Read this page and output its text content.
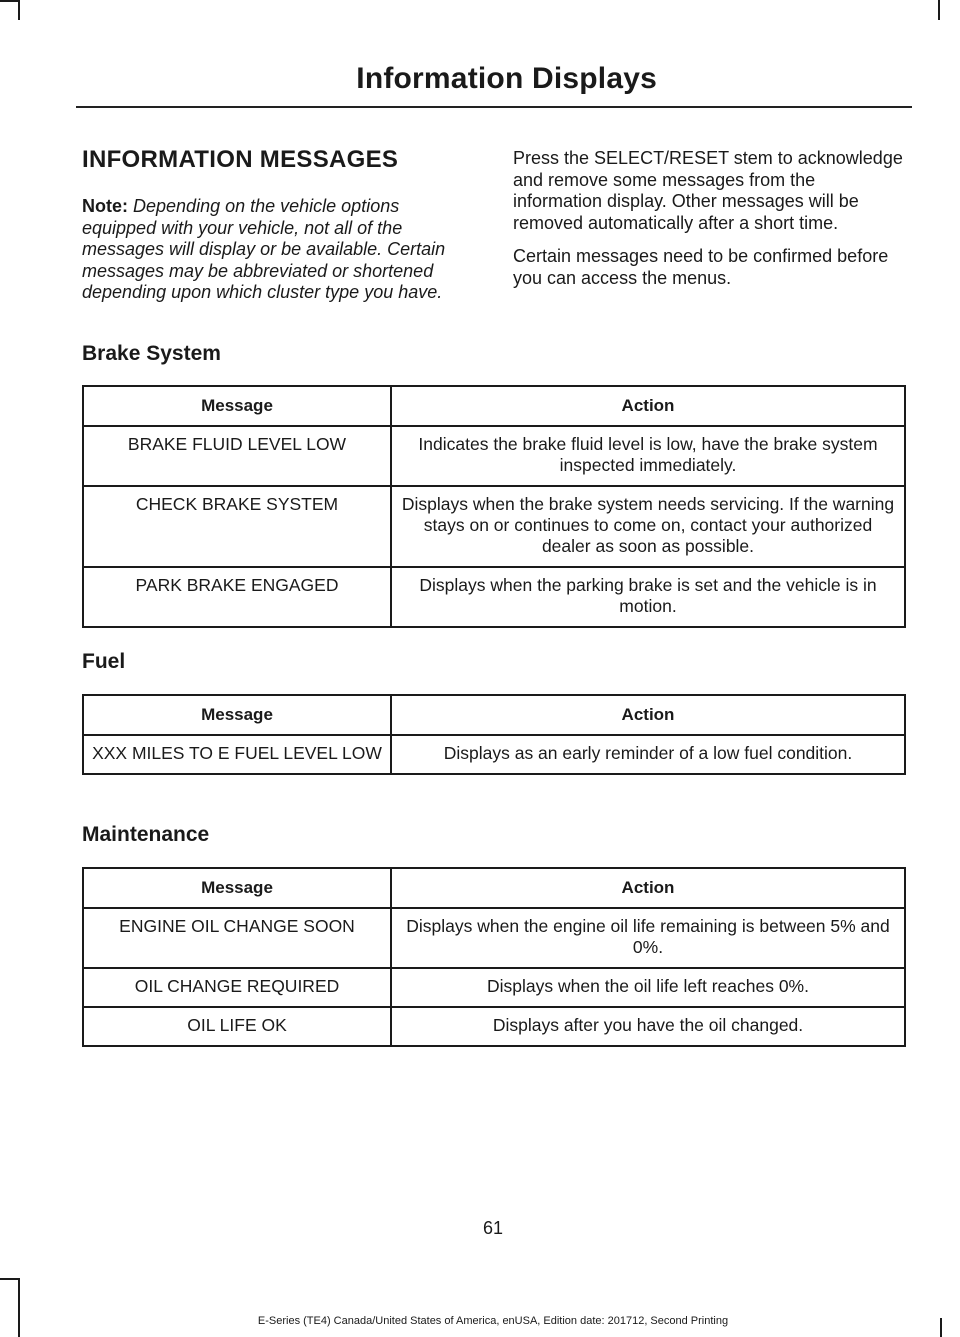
Information Displays
INFORMATION MESSAGES

Note: Depending on the vehicle options equipped with your vehicle, not all of the messages will display or be available. Certain messages may be abbreviated or shortened depending upon which cluster type you have.

Press the SELECT/RESET stem to acknowledge and remove some messages from the information display. Other messages will be removed automatically after a short time.

Certain messages need to be confirmed before you can access the menus.

Brake System
Message	Action
BRAKE FLUID LEVEL LOW	Indicates the brake fluid level is low, have the brake system inspected immediately.
CHECK BRAKE SYSTEM	Displays when the brake system needs servicing. If the warning stays on or continues to come on, contact your authorized dealer as soon as possible.
PARK BRAKE ENGAGED	Displays when the parking brake is set and the vehicle is in motion.
Fuel
Message	Action
XXX MILES TO E FUEL LEVEL LOW	Displays as an early reminder of a low fuel condition.
Maintenance
Message	Action
ENGINE OIL CHANGE SOON	Displays when the engine oil life remaining is between 5% and 0%.
OIL CHANGE REQUIRED	Displays when the oil life left reaches 0%.
OIL LIFE OK	Displays after you have the oil changed.
61
E-Series (TE4) Canada/United States of America, enUSA, Edition date: 201712, Second Printing
